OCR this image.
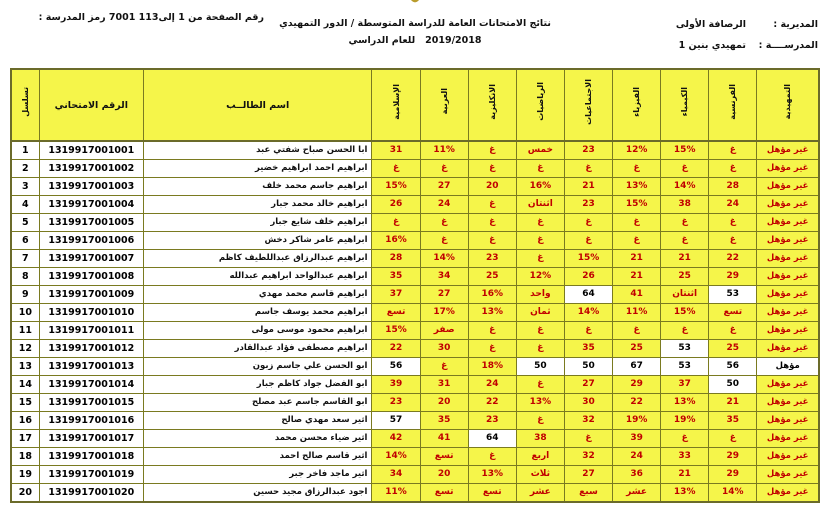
نتائج الامتحانات العامة للدراسة المتوسطة / الدور التمهيدي
2019/2018للعام الدراسي
المديرية :الرصافة الأولى
المدرســــة :تمهيدي بنين 1
رقم الصفحة من 1 إلى113 7001 رمز المدرسة :
التمهيدية	الفرنسية	الكيمياء	الفيزياء	الاجتماعيات	الرياضيات	الانكليزية	العربية	الإسلامية	اسم الطالــب	الرقم الامتحاني	تسلسل
غير مؤهل	غ	15%	12%	23	خمس	غ	11%	31	ابا الحسن صباح شفتي عبد	1319917001001	1
غير مؤهل	غ	غ	غ	غ	غ	غ	غ	غ	ابراهيم احمد ابراهيم خضير	1319917001002	2
غير مؤهل	28	14%	13%	21	16%	20	27	15%	ابراهيم جاسم محمد خلف	1319917001003	3
غير مؤهل	24	38	15%	23	اثنتان	غ	24	26	ابراهيم خالد محمد جبار	1319917001004	4
غير مؤهل	غ	غ	غ	غ	غ	غ	غ	غ	ابراهيم خلف شايع جبار	1319917001005	5
غير مؤهل	غ	غ	غ	غ	غ	غ	غ	16%	ابراهيم عامر شاكر دخش	1319917001006	6
غير مؤهل	22	21	21	15%	غ	23	14%	28	ابراهيم عبدالرزاق عبداللطيف كاظم	1319917001007	7
غير مؤهل	29	25	21	26	12%	25	34	35	ابراهيم عبدالواحد ابراهيم عبدالله	1319917001008	8
غير مؤهل	53	اثنتان	41	64	واحد	16%	27	37	ابراهيم قاسم محمد مهدي	1319917001009	9
غير مؤهل	تسع	15%	11%	14%	ثمان	13%	17%	تسع	ابراهيم محمد يوسف جاسم	1319917001010	10
غير مؤهل	غ	غ	غ	غ	غ	غ	صفر	15%	ابراهيم محمود موسى مولى	1319917001011	11
غير مؤهل	25	53	25	35	غ	غ	30	22	ابراهيم مصطفى فؤاد عبدالقادر	1319917001012	12
مؤهل	56	53	67	50	50	18%	غ	56	ابو الحسن علي جاسم زبون	1319917001013	13
غير مؤهل	50	37	29	27	غ	24	31	39	ابو الفضل جواد كاظم جبار	1319917001014	14
غير مؤهل	21	13%	22	30	13%	22	20	23	ابو القاسم جاسم عبد مصلح	1319917001015	15
غير مؤهل	35	19%	19%	32	غ	23	35	57	اثير سعد مهدي صالح	1319917001016	16
غير مؤهل	غ	غ	39	غ	38	64	41	42	اثير ضياء محسن محمد	1319917001017	17
غير مؤهل	29	33	24	32	اربع	غ	تسع	14%	اثير قاسم صالح احمد	1319917001018	18
غير مؤهل	29	21	36	27	ثلاث	13%	20	34	اثير ماجد فاخر جبر	1319917001019	19
غير مؤهل	14%	13%	عشر	سبع	عشر	تسع	تسع	11%	اجود عبدالرزاق مجيد حسين	1319917001020	20
